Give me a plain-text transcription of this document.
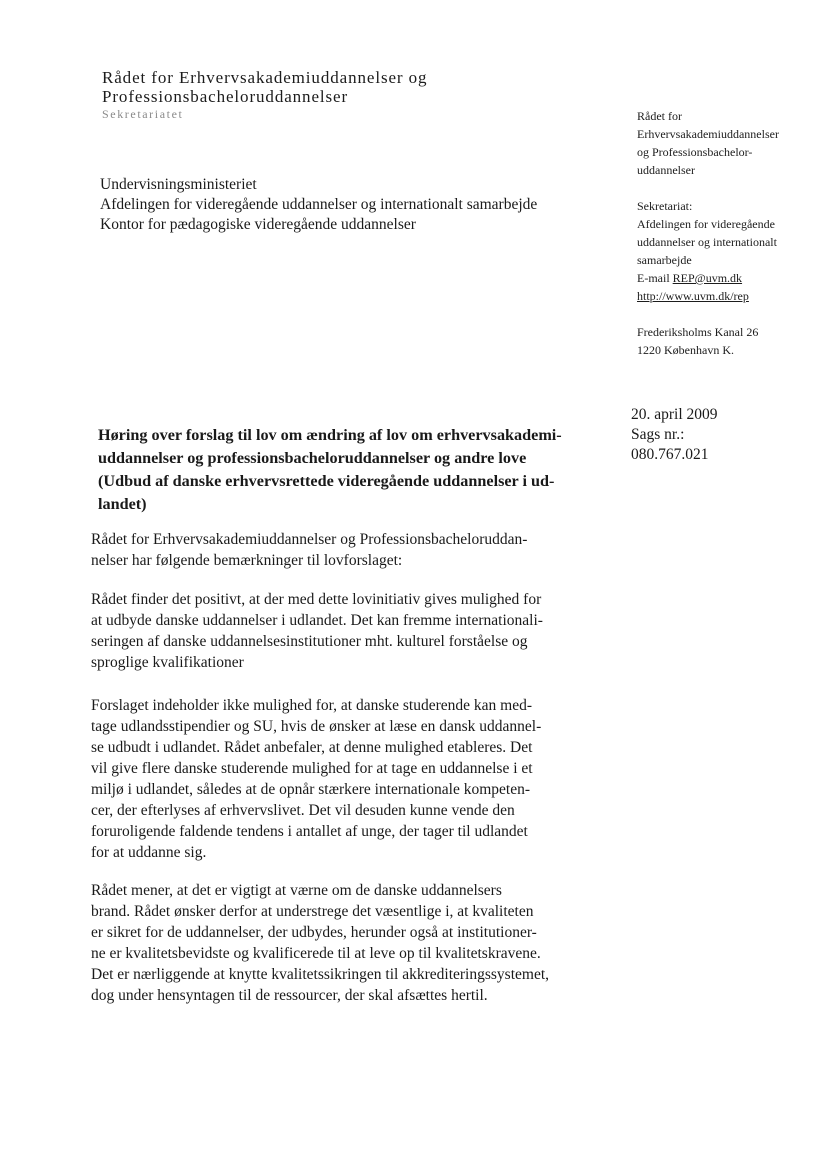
Rådet for Erhvervsakademiuddannelser og
Professionsbacheloruddannelser
Sekretariatet
Undervisningsministeriet
Afdelingen for videregående uddannelser og internationalt samarbejde
Kontor for pædagogiske videregående uddannelser
Rådet for
Erhvervsakademiuddannelser
og Professionsbachelor-
uddannelser
Sekretariat:
Afdelingen for videregående
uddannelser og internationalt
samarbejde
E-mail REP@uvm.dk
http://www.uvm.dk/rep
Frederiksholms Kanal 26
1220 København K.
20. april 2009
Sags nr.:
080.767.021
Høring over forslag til lov om ændring af lov om erhvervsakademi-
uddannelser og professionsbacheloruddannelser og andre love
(Udbud af danske erhvervsrettede videregående uddannelser i ud-
landet)
Rådet for Erhvervsakademiuddannelser og Professionsbacheloruddan-
nelser har følgende bemærkninger til lovforslaget:
Rådet finder det positivt, at der med dette lovinitiativ gives mulighed for
at udbyde danske uddannelser i udlandet. Det kan fremme internationali-
seringen af danske uddannelsesinstitutioner mht. kulturel forståelse og
sproglige kvalifikationer
Forslaget indeholder ikke mulighed for, at danske studerende kan med-
tage udlandsstipendier og SU, hvis de ønsker at læse en dansk uddannel-
se udbudt i udlandet. Rådet anbefaler, at denne mulighed etableres. Det
vil give flere danske studerende mulighed for at tage en uddannelse i et
miljø i udlandet, således at de opnår stærkere internationale kompeten-
cer, der efterlyses af erhvervslivet. Det vil desuden kunne vende den
foruroligende faldende tendens i antallet af unge, der tager til udlandet
for at uddanne sig.
Rådet mener, at det er vigtigt at værne om de danske uddannelsers
brand. Rådet ønsker derfor at understrege det væsentlige i, at kvaliteten
er sikret for de uddannelser, der udbydes, herunder også at institutioner-
ne er kvalitetsbevidste og kvalificerede til at leve op til kvalitetskravene.
Det er nærliggende at knytte kvalitetssikringen til akkrediteringssystemet,
dog under hensyntagen til de ressourcer, der skal afsættes hertil.
